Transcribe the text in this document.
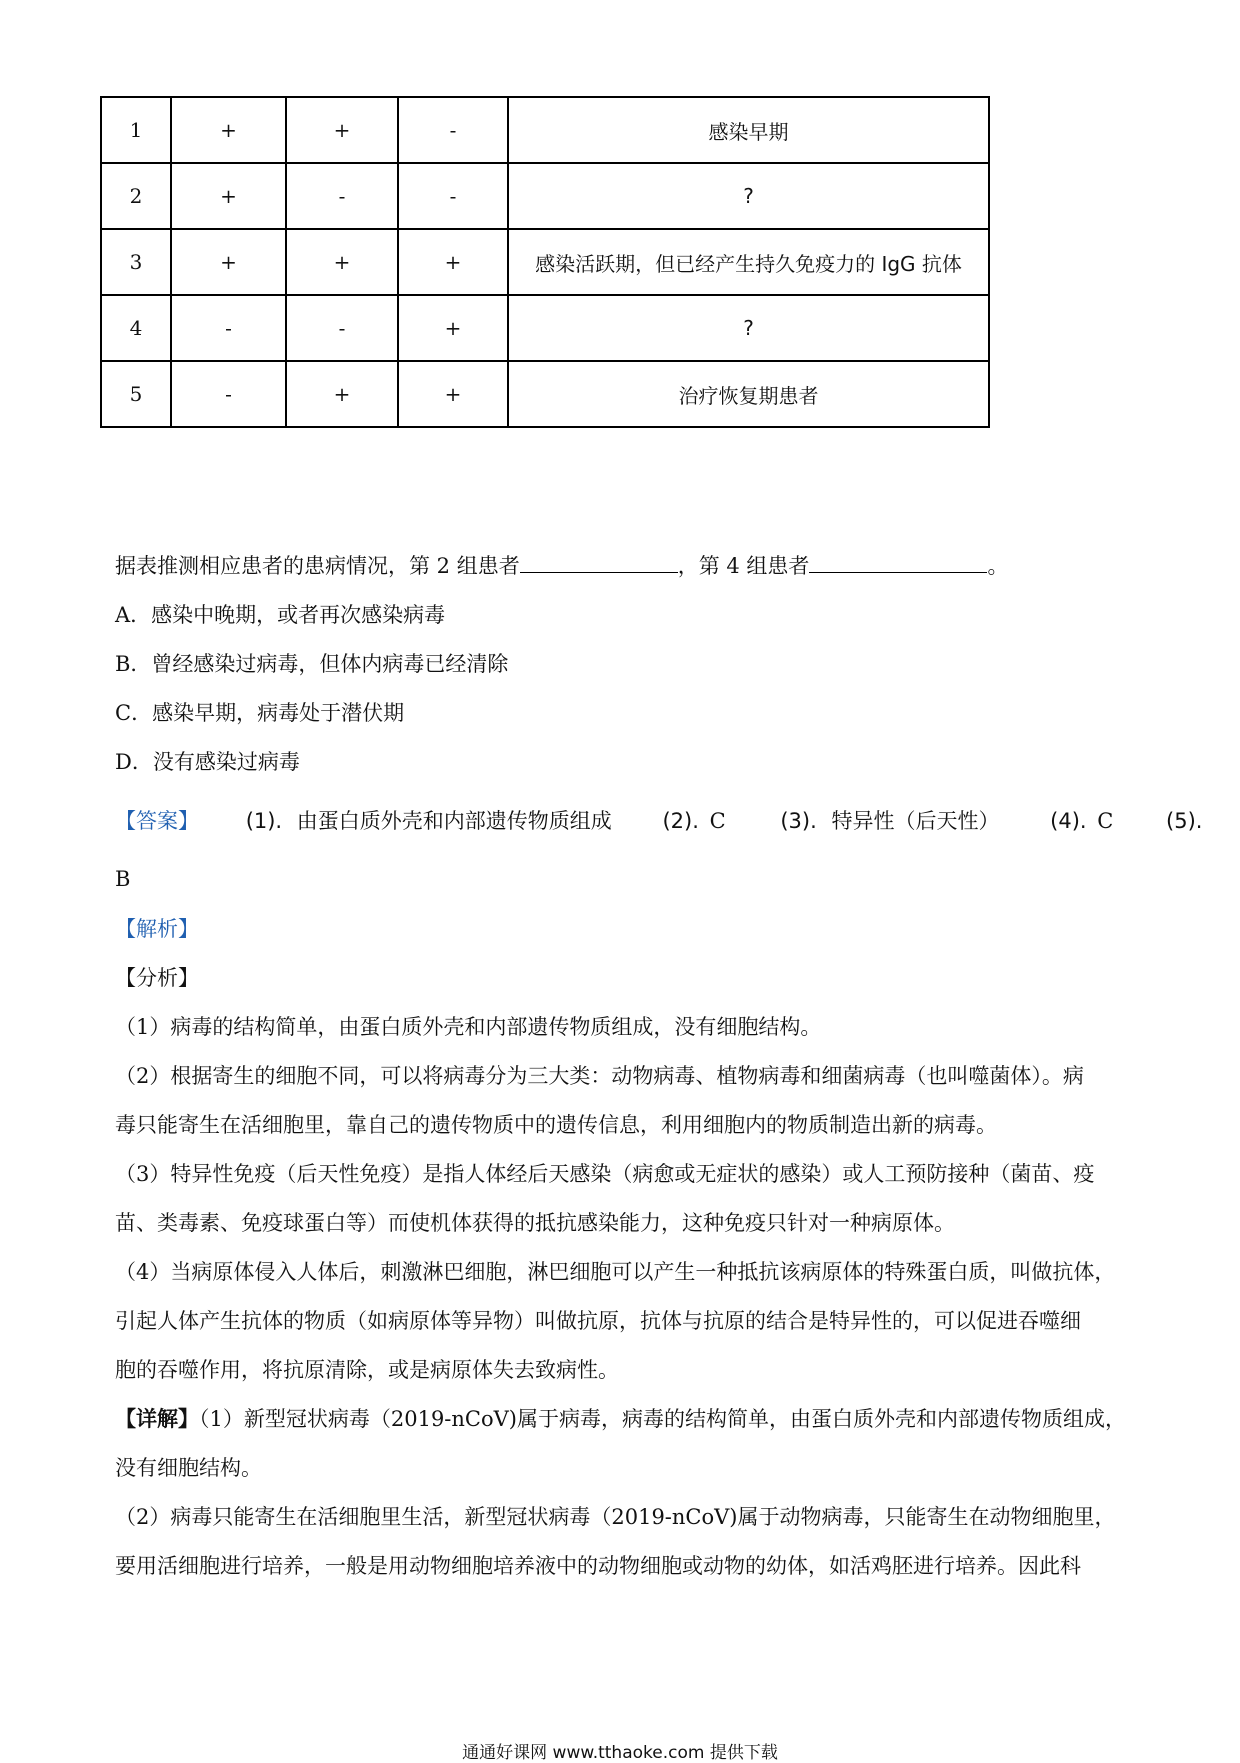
1	+	+	-	感染早期
2	+	-	-	?
3	+	+	+	感染活跃期，但已经产生持久免疫力的 IgG 抗体
4	-	-	+	?
5	-	+	+	治疗恢复期患者
据表推测相应患者的患病情况，第 2 组患者	，第 4 组患者	。
A．感染中晚期，或者再次感染病毒
B．曾经感染过病毒，但体内病毒已经清除
C．感染早期，病毒处于潜伏期
D．没有感染过病毒
【答案】 (1). 由蛋白质外壳和内部遗传物质组成 (2). C	(3). 特异性（后天性） (4). C	(5).
B
【解析】
【分析】
（1）病毒的结构简单，由蛋白质外壳和内部遗传物质组成，没有细胞结构。
（2）根据寄生的细胞不同，可以将病毒分为三大类：动物病毒、植物病毒和细菌病毒（也叫噬菌体）。病
毒只能寄生在活细胞里，靠自己的遗传物质中的遗传信息，利用细胞内的物质制造出新的病毒。
（3）特异性免疫（后天性免疫）是指人体经后天感染（病愈或无症状的感染）或人工预防接种（菌苗、疫
苗、类毒素、免疫球蛋白等）而使机体获得的抵抗感染能力，这种免疫只针对一种病原体。
（4）当病原体侵入人体后，刺激淋巴细胞，淋巴细胞可以产生一种抵抗该病原体的特殊蛋白质，叫做抗体，
引起人体产生抗体的物质（如病原体等异物）叫做抗原，抗体与抗原的结合是特异性的，可以促进吞噬细
胞的吞噬作用，将抗原清除，或是病原体失去致病性。
【详解】（1）新型冠状病毒（2019-nCoV)属于病毒，病毒的结构简单，由蛋白质外壳和内部遗传物质组成，
没有细胞结构。
（2）病毒只能寄生在活细胞里生活，新型冠状病毒（2019-nCoV)属于动物病毒，只能寄生在动物细胞里，
要用活细胞进行培养，一般是用动物细胞培养液中的动物细胞或动物的幼体，如活鸡胚进行培养。因此科
通通好课网 www.tthaoke.com 提供下载
